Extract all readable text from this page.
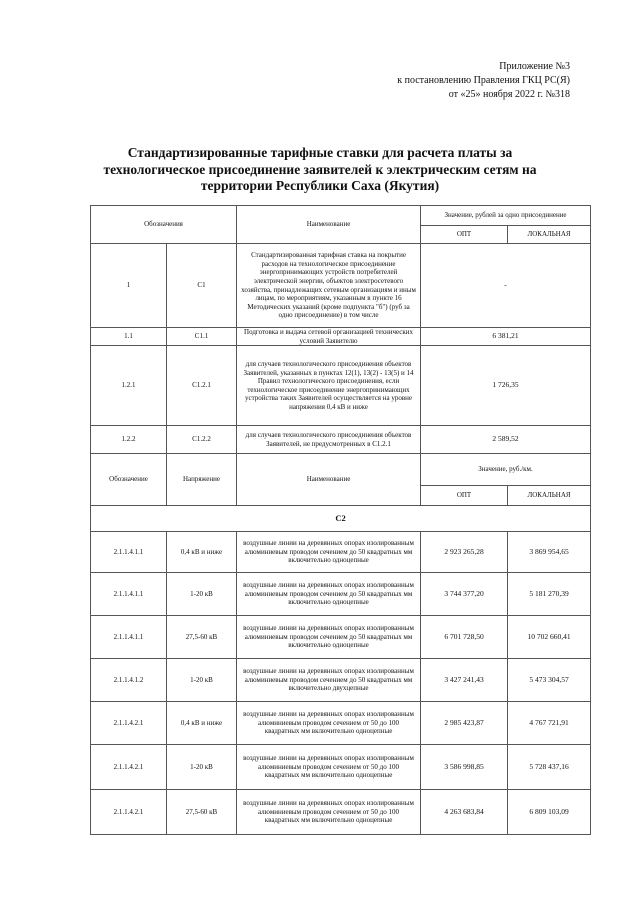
Приложение №3
к постановлению Правления ГКЦ РС(Я)
от «25» ноября 2022 г. №318
Стандартизированные тарифные ставки для расчета платы за
технологическое присоединение заявителей к электрическим сетям на
территории Республики Саха (Якутия)
Обозначения		Наименование	Значение, рублей за одно присоединение	
			ОПТ	ЛОКАЛЬНАЯ
1	С1	Стандартизированная тарифная ставка на покрытие расходов на технологическое присоединение энергопринимающих устройств потребителей электрической энергии, объектов электросетевого хозяйства, принадлежащих сетевым организациям и иным лицам, по мероприятиям, указанным в пункте 16 Методических указаний (кроме подпункта "б") (руб за одно присоединение) в том числе	-	
1.1	С1.1	Подготовка и выдача сетевой организацией технических условий Заявителю	6 381,21	
1.2.1	С1.2.1	для случаев технологического присоединения объектов Заявителей, указанных в пунктах 12(1), 13(2) - 13(5) и 14 Правил технологического присоединения, если технологическое присоединение энергопринимающих устройства таких Заявителей осуществляется на уровне напряжения 0,4 кВ и ниже	1 726,35	
1.2.2	С1.2.2	для случаев технологического присоединения объектов Заявителей, не предусмотренных в С1.2.1	2 589,52	
Обозначение	Напряжение	Наименование	Значение, руб./км.	
			ОПТ	ЛОКАЛЬНАЯ
С2				
2.1.1.4.1.1	0,4 кВ и ниже	воздушные линии на деревянных опорах изолированным алюминиевым проводом сечением до 50 квадратных мм включительно одноцепные	2 923 265,28	3 869 954,65
2.1.1.4.1.1	1-20 кВ	воздушные линии на деревянных опорах изолированным алюминиевым проводом сечением до 50 квадратных мм включительно одноцепные	3 744 377,20	5 181 270,39
2.1.1.4.1.1	27,5-60 кВ	воздушные линии на деревянных опорах изолированным алюминиевым проводом сечением до 50 квадратных мм включительно одноцепные	6 701 728,50	10 702 660,41
2.1.1.4.1.2	1-20 кВ	воздушные линии на деревянных опорах изолированным алюминиевым проводом сечением до 50 квадратных мм включительно двухцепные	3 427 241,43	5 473 304,57
2.1.1.4.2.1	0,4 кВ и ниже	воздушные линии на деревянных опорах изолированным алюминиевым проводом сечением от 50 до 100 квадратных мм включительно одноцепные	2 985 423,87	4 767 721,91
2.1.1.4.2.1	1-20 кВ	воздушные линии на деревянных опорах изолированным алюминиевым проводом сечением от 50 до 100 квадратных мм включительно одноцепные	3 586 998,85	5 728 437,16
2.1.1.4.2.1	27,5-60 кВ	воздушные линии на деревянных опорах изолированным алюминиевым проводом сечением от 50 до 100 квадратных мм включительно одноцепные	4 263 683,84	6 809 103,09
